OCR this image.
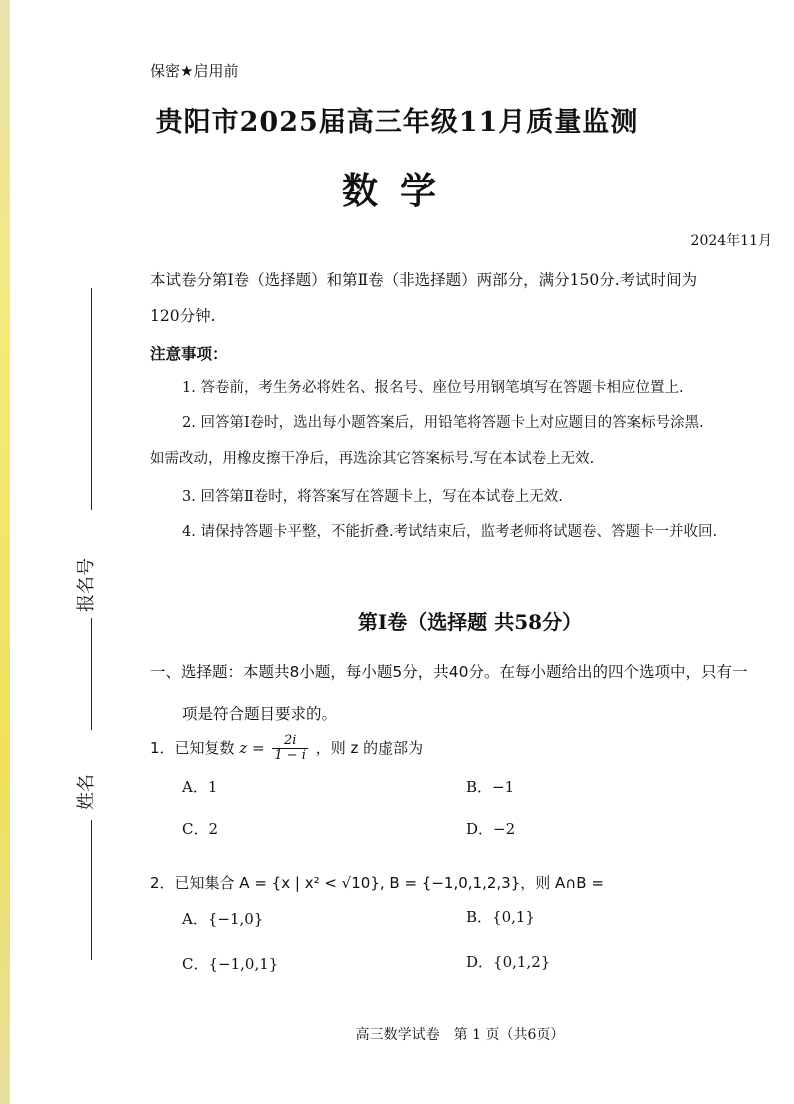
保密★启用前
贵阳市2025届高三年级11月质量监测
数学
2024年11月
本试卷分第Ⅰ卷（选择题）和第Ⅱ卷（非选择题）两部分，满分150分.考试时间为
120分钟.
注意事项：
1. 答卷前，考生务必将姓名、报名号、座位号用钢笔填写在答题卡相应位置上.
2. 回答第Ⅰ卷时，选出每小题答案后，用铅笔将答题卡上对应题目的答案标号涂黑.
如需改动，用橡皮擦干净后，再选涂其它答案标号.写在本试卷上无效.
3. 回答第Ⅱ卷时，将答案写在答题卡上，写在本试卷上无效.
4. 请保持答题卡平整，不能折叠.考试结束后，监考老师将试题卷、答题卡一并收回.
报名号
姓名
第Ⅰ卷（选择题 共58分）
一、选择题：本题共8小题，每小题5分，共40分。在每小题给出的四个选项中，只有一
项是符合题目要求的。
1．已知复数 $z = \frac{2i}{1 - i}$ ，则 z 的虚部为
A．1	B．−1
C．2	D．−2
2．已知集合 A = {x | x² < √10}, B = {−1,0,1,2,3}，则 A∩B =
A．{−1,0}	B．{0,1}
C．{−1,0,1}	D．{0,1,2}
高三数学试卷　第 1 页（共6页）
